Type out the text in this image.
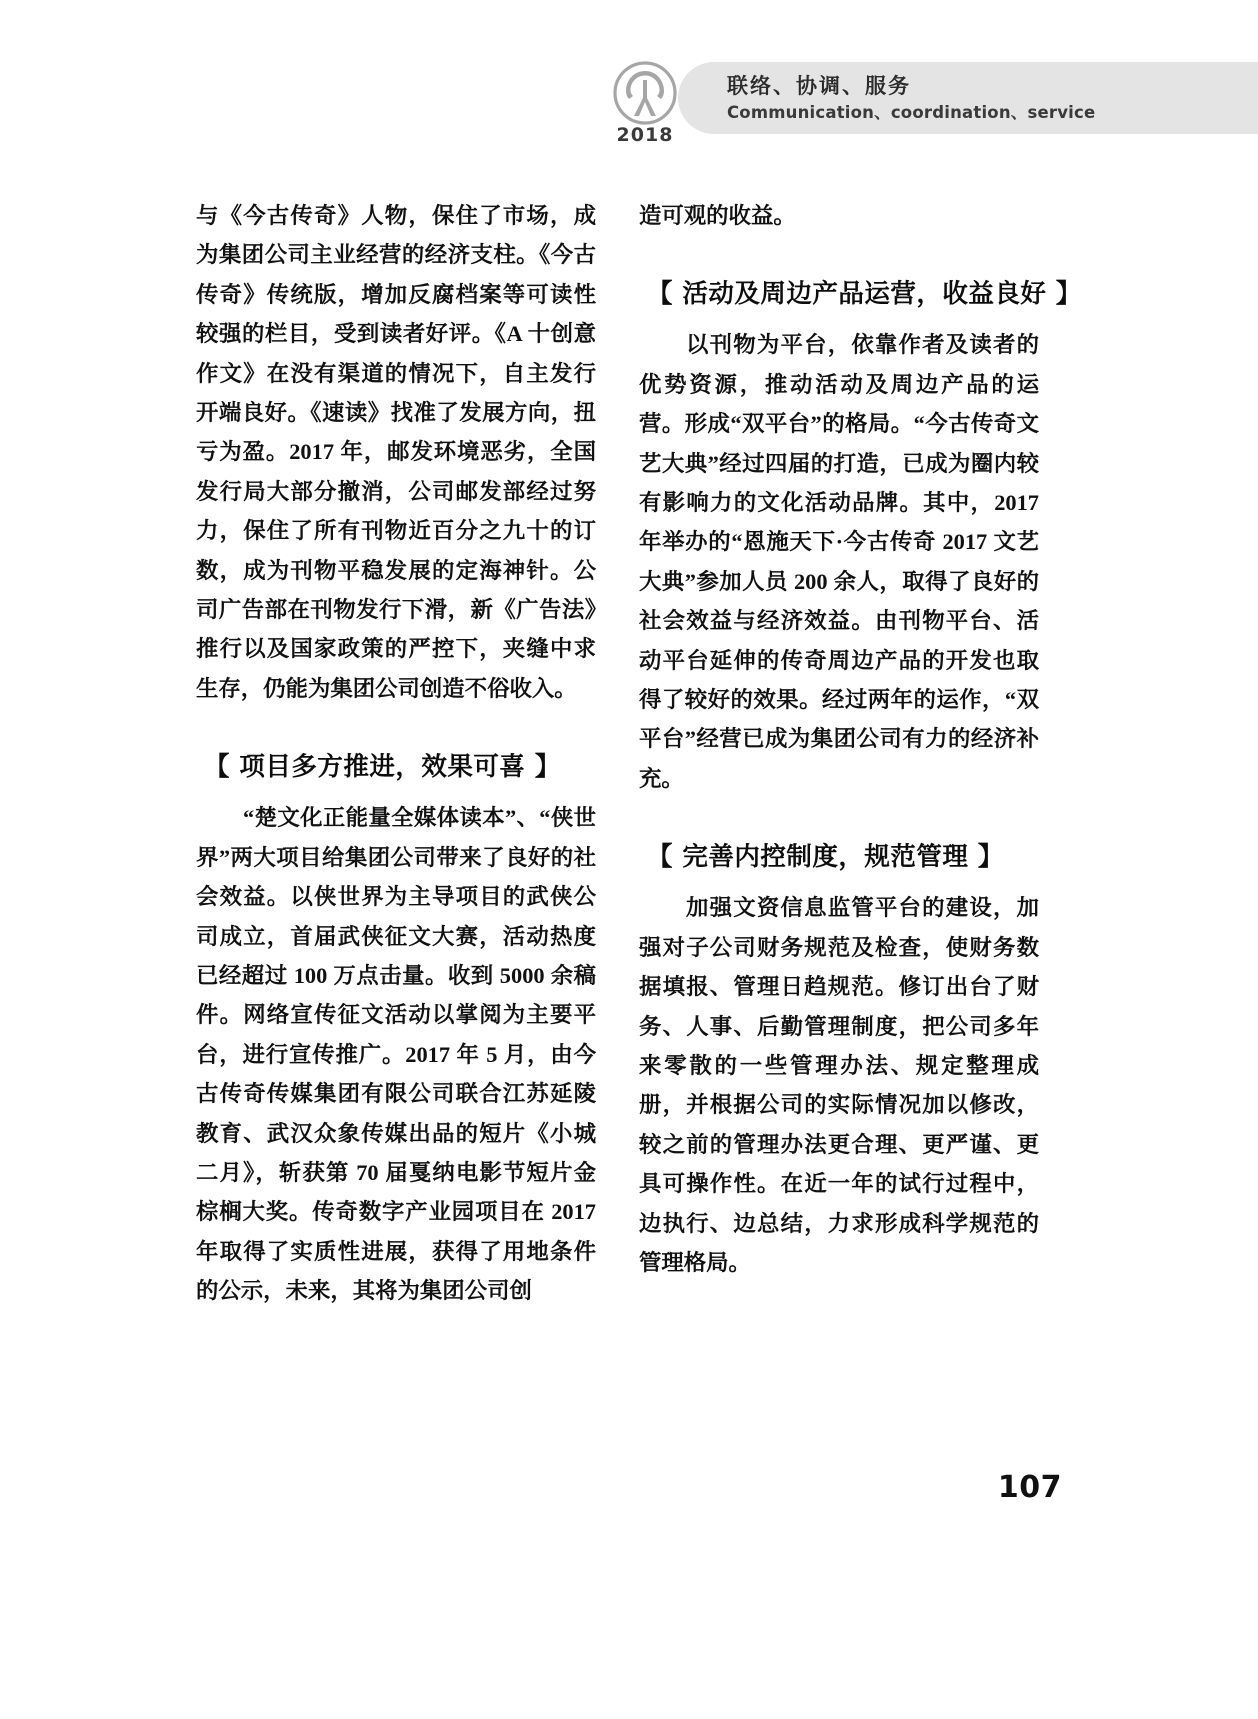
2018
联络、协调、服务
Communication、coordination、service

与《今古传奇》人物，保住了市场，成为集团公司主业经营的经济支柱。《今古传奇》传统版，增加反腐档案等可读性较强的栏目，受到读者好评。《A 十创意作文》在没有渠道的情况下，自主发行开端良好。《速读》找准了发展方向，扭亏为盈。2017 年，邮发环境恶劣，全国发行局大部分撤消，公司邮发部经过努力，保住了所有刊物近百分之九十的订数，成为刊物平稳发展的定海神针。公司广告部在刊物发行下滑，新《广告法》推行以及国家政策的严控下，夹缝中求生存，仍能为集团公司创造不俗收入。

【 项目多方推进，效果可喜 】

“楚文化正能量全媒体读本”、“侠世界”两大项目给集团公司带来了良好的社会效益。以侠世界为主导项目的武侠公司成立，首届武侠征文大赛，活动热度已经超过 100 万点击量。收到 5000 余稿件。网络宣传征文活动以掌阅为主要平台，进行宣传推广。2017 年 5 月，由今古传奇传媒集团有限公司联合江苏延陵教育、武汉众象传媒出品的短片《小城二月》，斩获第 70 届戛纳电影节短片金棕榈大奖。传奇数字产业园项目在 2017 年取得了实质性进展，获得了用地条件的公示，未来，其将为集团公司创

造可观的收益。

【 活动及周边产品运营，收益良好 】

以刊物为平台，依靠作者及读者的优势资源，推动活动及周边产品的运营。形成“双平台”的格局。“今古传奇文艺大典”经过四届的打造，已成为圈内较有影响力的文化活动品牌。其中，2017 年举办的“恩施天下·今古传奇 2017 文艺大典”参加人员 200 余人，取得了良好的社会效益与经济效益。由刊物平台、活动平台延伸的传奇周边产品的开发也取得了较好的效果。经过两年的运作，“双平台”经营已成为集团公司有力的经济补充。

【 完善内控制度，规范管理 】

加强文资信息监管平台的建设，加强对子公司财务规范及检查，使财务数据填报、管理日趋规范。修订出台了财务、人事、后勤管理制度，把公司多年来零散的一些管理办法、规定整理成册，并根据公司的实际情况加以修改，较之前的管理办法更合理、更严谨、更具可操作性。在近一年的试行过程中，边执行、边总结，力求形成科学规范的管理格局。

107
